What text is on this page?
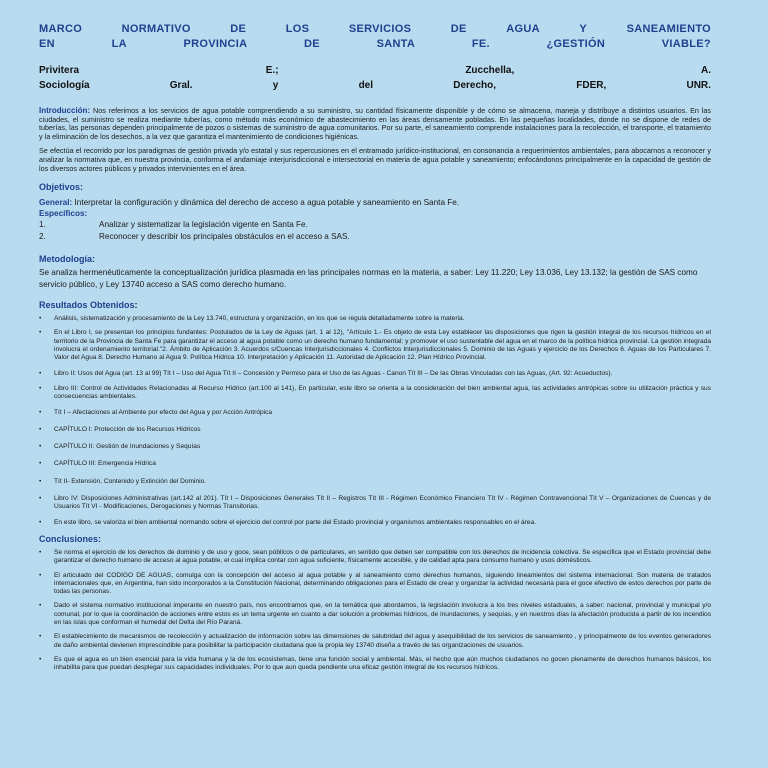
MARCO	NORMATIVO	DE	LOS	SERVICIOS	DE	AGUA	Y	SANEAMIENTO
EN	LA	PROVINCIA	DE	SANTA	FE.	¿GESTIÓN	VIABLE?
Privitera	E.;	Zucchella,	A.
Sociología	Gral.	y	del	Derecho,	FDER,	UNR.

Introducción: Nos referimos a los servicios de agua potable comprendiendo a su suministro, su cantidad físicamente disponible y de cómo se almacena, maneja y distribuye a distintos usuarios. En las ciudades, el suministro se realiza mediante tuberías, como método más económico de abastecimiento en las áreas densamente pobladas. En las pequeñas localidades, donde no se dispone de redes de tuberías, las personas dependen principalmente de pozos o sistemas de suministro de agua comunitarios. Por su parte, el saneamiento comprende instalaciones para la recolección, el transporte, el tratamiento y la eliminación de los desechos, a la vez que garantiza el mantenimiento de condiciones higiénicas.

Se efectúa el recorrido por los paradigmas de gestión privada y/o estatal y sus repercusiones en el entramado jurídico-institucional, en consonancia a requerimientos ambientales, para abocarnos a reconocer y analizar la normativa que, en nuestra provincia, conforma el andamiaje interjurisdiccional e intersectorial en materia de agua potable y saneamiento; enfocándonos principalmente en la capacidad de gestión de los diversos actores públicos y privados intervinientes en el área.

Objetivos:

General: Interpretar la configuración y dinámica del derecho de acceso a agua potable y saneamiento en Santa Fe.

Específicos:

1.	Analizar y sistematizar la legislación vigente en Santa Fe.
2.	Reconocer y describir los principales obstáculos en el acceso a SAS.

Metodología:

Se analiza hermenéuticamente la conceptualización jurídica plasmada en las principales normas en la materia, a saber: Ley 11.220; Ley 13.036, Ley 13.132; la gestión de SAS como servicio público, y Ley 13740 acceso a SAS como derecho humano.

Resultados Obtenidos:

• Análisis, sistematización y procesamiento de la Ley 13.740, estructura y organización, en los que se regula detalladamente sobre la materia.
• En el Libro I, se presentan los principios fundantes: Postulados de la Ley de Aguas (art. 1 al 12), "Artículo 1.- Es objeto de esta Ley establecer las disposiciones que rigen la gestión integral de los recursos hídricos en el territorio de la Provincia de Santa Fe para garantizar el acceso al agua potable como un derecho humano fundamental; y promover el uso sustentable del agua en el marco de la política hídrica provincial. La gestión integrada involucra el ordenamiento territorial."2. Ámbito de Aplicación 3. Acuerdos s/Cuencas Interjurisdiccionales 4. Conflictos Interjurisdiccionales 5. Dominio de las Aguas y ejercicio de los Derechos 6. Aguas de los Particulares 7. Valor del Agua 8. Derecho Humano al Agua 9. Política Hídrica 10. Interpretación y Aplicación 11. Autoridad de Aplicación 12. Plan Hídrico Provincial.
• Libro II: Usos del Agua (art. 13 al 99) Tít I – Uso del Agua Tít II – Concesión y Permiso para el Uso de las Aguas - Canon Tít III – De las Obras Vinculadas con las Aguas, (Art. 92: Acueductos).
• Libro III: Control de Actividades Relacionadas al Recurso Hídrico (art.100 al 141), En particular, este libro se orienta a la consideración del bien ambiental agua, las actividades antrópicas sobre su utilización práctica y sus consecuencias ambientales.
• Tít I – Afectaciones al Ambiente por efecto del Agua y por Acción Antrópica
• CAPÍTULO I: Protección de los Recursos Hídricos
• CAPÍTULO II: Gestión de Inundaciones y Sequías
• CAPÍTULO III: Emergencia Hídrica
• Tít II- Extensión, Contenido y Extinción del Dominio.
• Libro IV: Disposiciones Administrativas (art.142 al 201). Tít I – Disposiciones Generales Tít II – Registros Tít III - Régimen Económico Financiero Tít IV - Régimen Contravencional Tít V – Organizaciones de Cuencas y de Usuarios Tít VI - Modificaciones, Derogaciones y Normas Transitorias.
• En este libro, se valoriza el bien ambiental normando sobre el ejercicio del control por parte del Estado provincial y organismos ambientales responsables en el área.

Conclusiones:

• Se norma el ejercicio de los derechos de dominio y de uso y goce, sean públicos o de particulares, en sentido que deben ser compatible con los derechos de incidencia colectiva. Se especifica que el Estado provincial debe garantizar el derecho humano de acceso al agua potable, el cual implica contar con agua suficiente, físicamente accesible, y de calidad apta para consumo humano y usos domésticos.
• El articulado del CODIGO DE AGUAS, comulga con la concepción del acceso al agua potable y al saneamiento como derechos humanos, siguiendo lineamientos del sistema internacional. Son materia de tratados internacionales que, en Argentina, han sido incorporados a la Constitución Nacional, determinando obligaciones para el Estado de crear y organizar la actividad necesaria para el goce efectivo de estos derechos por parte de todas las personas.
• Dado el sistema normativo institucional imperante en nuestro país, nos encontramos que, en la temática que abordamos, la legislación involucra a los tres niveles estaduales, a saber: nacional, provincial y municipal y/o comunal, por lo que la coordinación de acciones entre estos es un tema urgente en cuanto a dar solución a problemas hídricos, de inundaciones, y sequías, y en nuestros días la afectación producida a partir de los incendios en las islas que conforman el humedal del Delta del Río Paraná.
• El establecimiento de mecanismos de recolección y actualización de información sobre las dimensiones de salubridad del agua y asequibilidad de los servicios de saneamiento , y principalmente de los eventos generadores de daño ambiental devienen imprescindible para posibilitar la participación ciudadana que la propia ley 13740 diseña a través de las organizaciones de usuarios.
• Es que el agua es un bien esencial para la vida humana y la de los ecosistemas, tiene una función social y ambiental. Más, el hecho que aún muchos ciudadanos no gocen plenamente de derechos humanos básicos, los inhabilita para que puedan desplegar sus capacidades individuales. Por lo que aun queda pendiente una eficaz gestión integral de los recursos hídricos.
